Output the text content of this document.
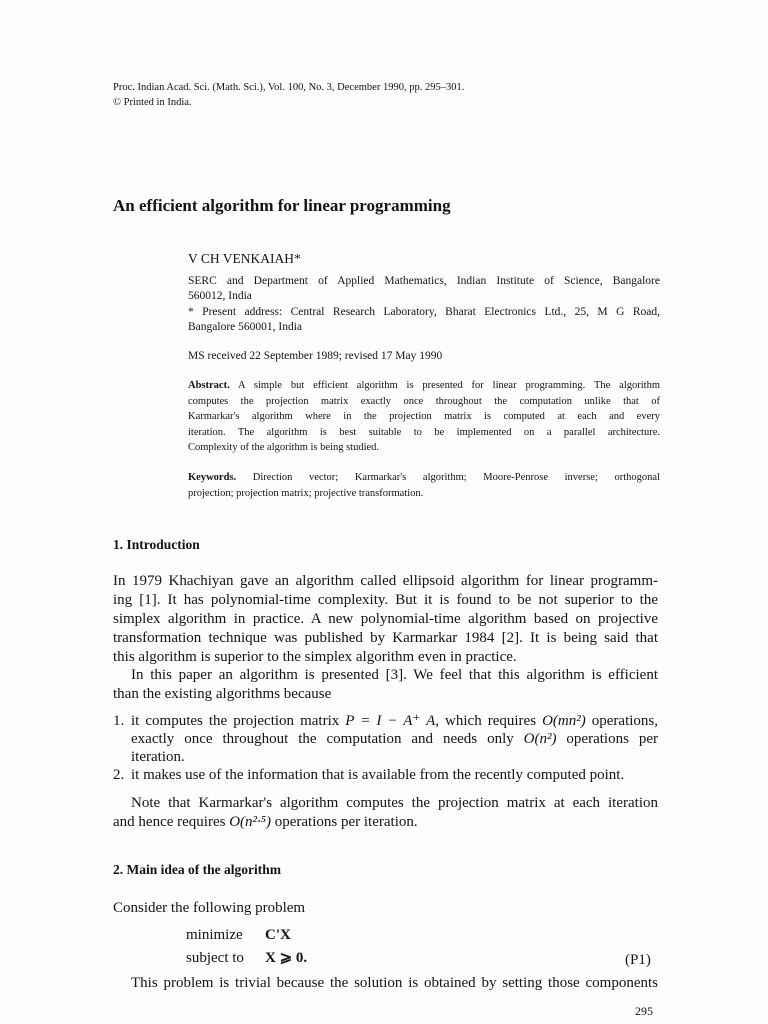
Proc. Indian Acad. Sci. (Math. Sci.), Vol. 100, No. 3, December 1990, pp. 295–301.
© Printed in India.
An efficient algorithm for linear programming
V CH VENKAIAH*
SERC and Department of Applied Mathematics, Indian Institute of Science, Bangalore
560012, India
* Present address: Central Research Laboratory, Bharat Electronics Ltd., 25, M G Road,
Bangalore 560001, India
MS received 22 September 1989; revised 17 May 1990
Abstract. A simple but efficient algorithm is presented for linear programming. The algorithm
computes the projection matrix exactly once throughout the computation unlike that of
Karmarkar's algorithm where in the projection matrix is computed at each and every
iteration. The algorithm is best suitable to be implemented on a parallel architecture.
Complexity of the algorithm is being studied.
Keywords. Direction vector; Karmarkar's algorithm; Moore-Penrose inverse; orthogonal
projection; projection matrix; projective transformation.
1. Introduction
In 1979 Khachiyan gave an algorithm called ellipsoid algorithm for linear programm-
ing [1]. It has polynomial-time complexity. But it is found to be not superior to the
simplex algorithm in practice. A new polynomial-time algorithm based on projective
transformation technique was published by Karmarkar 1984 [2]. It is being said that
this algorithm is superior to the simplex algorithm even in practice.
In this paper an algorithm is presented [3]. We feel that this algorithm is efficient
than the existing algorithms because
1. it computes the projection matrix P = I − A⁺ A, which requires O(mn²) operations,
exactly once throughout the computation and needs only O(n²) operations per
iteration.
2. it makes use of the information that is available from the recently computed point.
Note that Karmarkar's algorithm computes the projection matrix at each iteration
and hence requires O(n²·⁵) operations per iteration.
2. Main idea of the algorithm
Consider the following problem
minimize C'X
subject to X ⩾ 0.	(P1)
This problem is trivial because the solution is obtained by setting those components
295
